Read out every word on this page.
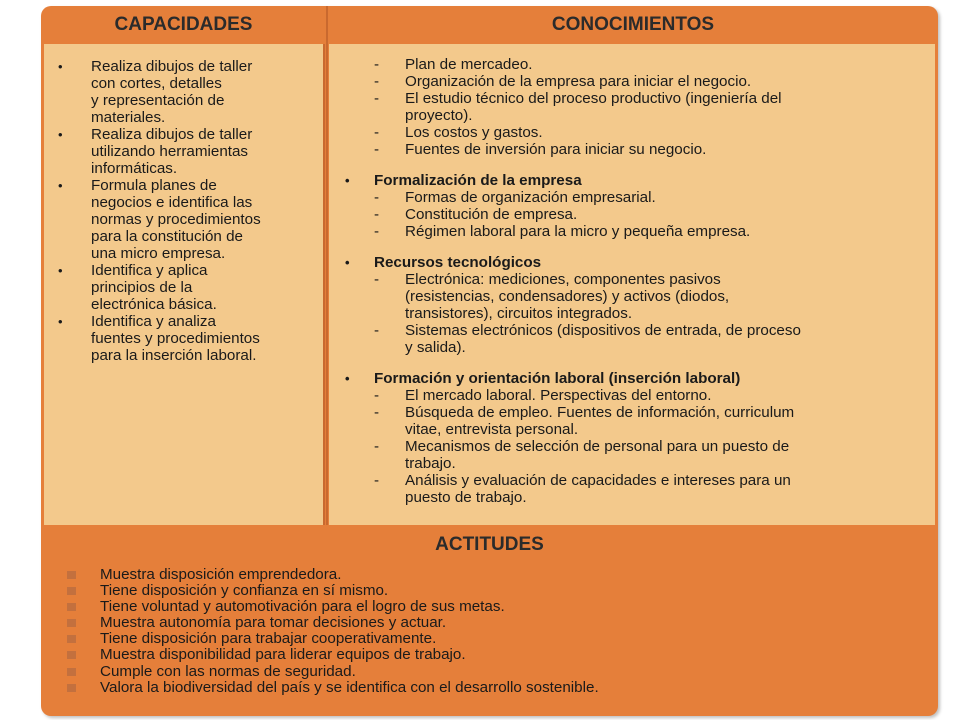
CAPACIDADES	CONOCIMIENTOS
• Realiza dibujos de taller
con cortes, detalles
y representación de
materiales.
• Realiza dibujos de taller
utilizando herramientas
informáticas.
• Formula planes de
negocios e identifica las
normas y procedimientos
para la constitución de
una micro empresa.
• Identifica y aplica
principios de la
electrónica básica.
• Identifica y analiza
fuentes y procedimientos
para la inserción laboral.
- Plan de mercadeo.
- Organización de la empresa para iniciar el negocio.
- El estudio técnico del proceso productivo (ingeniería del
proyecto).
- Los costos y gastos.
- Fuentes de inversión para iniciar su negocio.
• Formalización de la empresa
- Formas de organización empresarial.
- Constitución de empresa.
- Régimen laboral para la micro y pequeña empresa.
• Recursos tecnológicos
- Electrónica: mediciones, componentes pasivos
(resistencias, condensadores) y activos (diodos,
transistores), circuitos integrados.
- Sistemas electrónicos (dispositivos de entrada, de proceso
y salida).
• Formación y orientación laboral (inserción laboral)
- El mercado laboral. Perspectivas del entorno.
- Búsqueda de empleo. Fuentes de información, curriculum
vitae, entrevista personal.
- Mecanismos de selección de personal para un puesto de
trabajo.
- Análisis y evaluación de capacidades e intereses para un
puesto de trabajo.
ACTITUDES
Muestra disposición emprendedora.
Tiene disposición y confianza en sí mismo.
Tiene voluntad y automotivación para el logro de sus metas.
Muestra autonomía para tomar decisiones y actuar.
Tiene disposición para trabajar cooperativamente.
Muestra disponibilidad para liderar equipos de trabajo.
Cumple con las normas de seguridad.
Valora la biodiversidad del país y se identifica con el desarrollo sostenible.
